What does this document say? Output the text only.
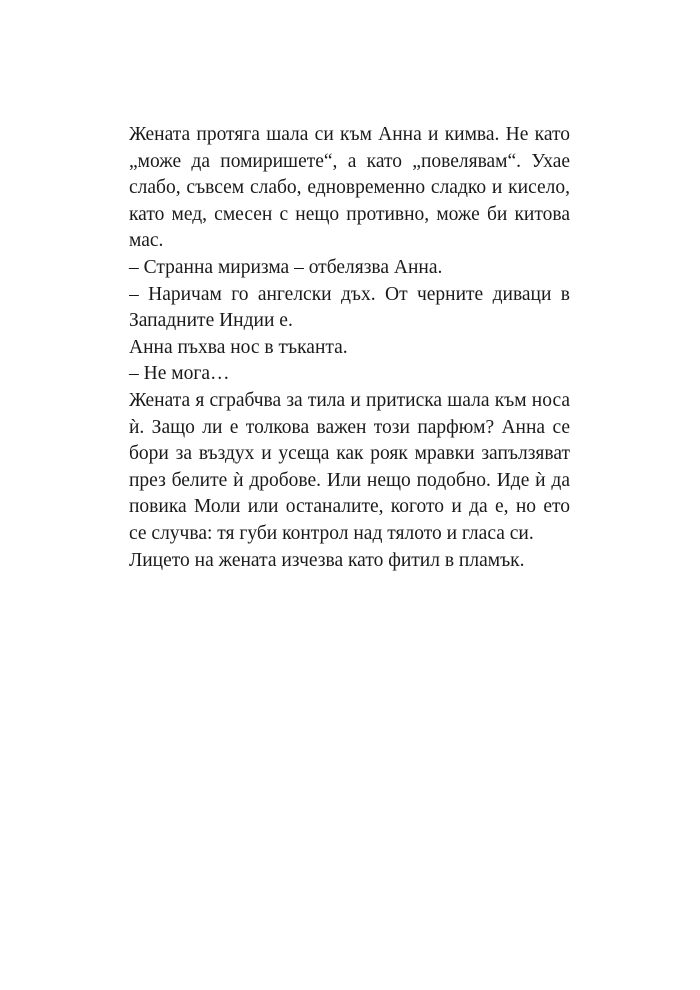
Жената протяга шала си към Анна и кимва. Не като
„може да помиришете“, а като „повелявам“. Ухае
слабо, съвсем слабо, едновременно сладко и кисело,
като мед, смесен с нещо противно, може би китова
мас.
– Странна миризма – отбелязва Анна.
– Наричам го ангелски дъх. От черните диваци в
Западните Индии е.
Анна пъхва нос в тъканта.
– Не мога…
Жената я сграбчва за тила и притиска шала към носа
ѝ. Защо ли е толкова важен този парфюм? Анна се
бори за въздух и усеща как рояк мравки запълзяват
през белите ѝ дробове. Или нещо подобно. Иде ѝ да
повика Моли или останалите, когото и да е, но ето
се случва: тя губи контрол над тялото и гласа си.
Лицето на жената изчезва като фитил в пламък.
